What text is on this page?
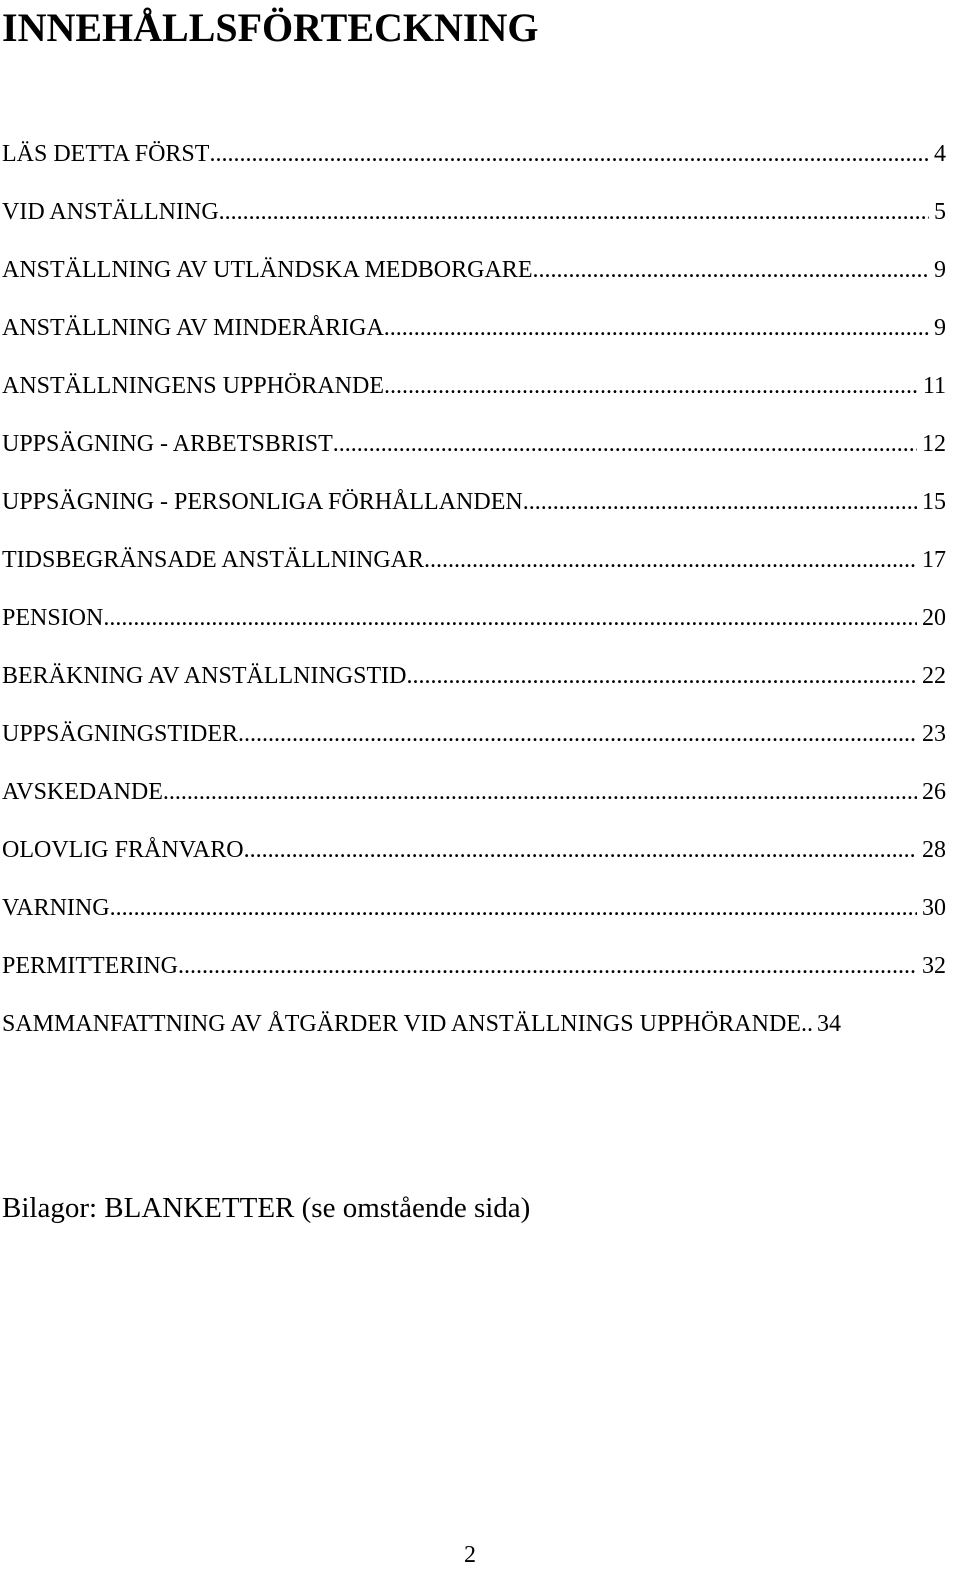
INNEHÅLLSFÖRTECKNING
LÄS DETTA FÖRST .....	4
VID ANSTÄLLNING .....	5
ANSTÄLLNING AV UTLÄNDSKA MEDBORGARE .....	9
ANSTÄLLNING AV MINDERÅRIGA .....	9
ANSTÄLLNINGENS UPPHÖRANDE .....	11
UPPSÄGNING - ARBETSBRIST .....	12
UPPSÄGNING - PERSONLIGA FÖRHÅLLANDEN .....	15
TIDSBEGRÄNSADE ANSTÄLLNINGAR .....	17
PENSION .....	20
BERÄKNING AV ANSTÄLLNINGSTID .....	22
UPPSÄGNINGSTIDER .....	23
AVSKEDANDE .....	26
OLOVLIG FRÅNVARO .....	28
VARNING .....	30
PERMITTERING .....	32
SAMMANFATTNING AV ÅTGÄRDER VID ANSTÄLLNINGS UPPHÖRANDE ..... 34

Bilagor: BLANKETTER (se omstående sida)

2
